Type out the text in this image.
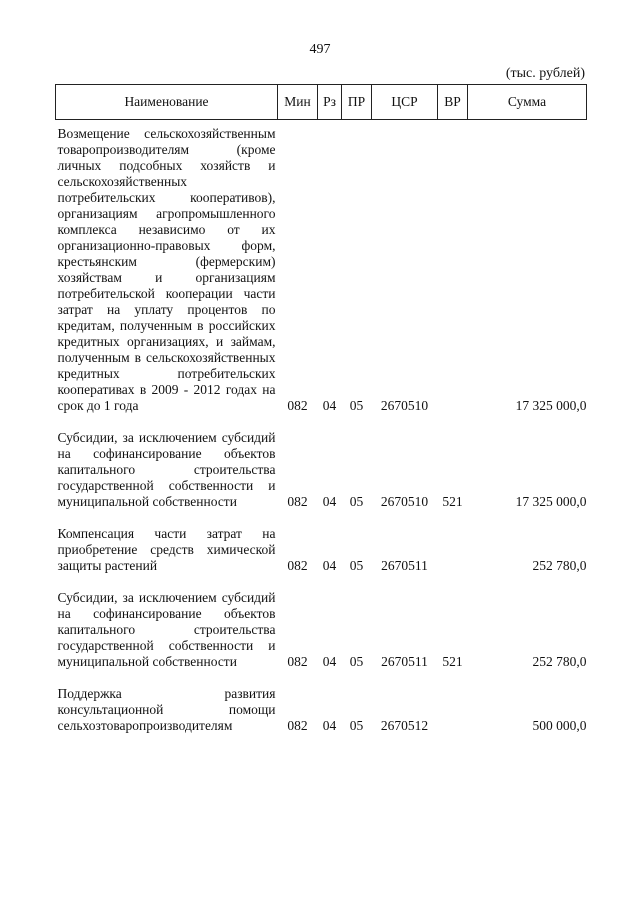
497
(тыс. рублей)
Наименование	Мин	Рз	ПР	ЦСР	ВР	Сумма
Возмещение сельскохозяйственным товаропроизводителям (кроме личных подсобных хозяйств и сельскохозяйственных потребительских кооперативов), организациям агропромышленного комплекса независимо от их организационно-правовых форм, крестьянским (фермерским) хозяйствам и организациям потребительской кооперации части затрат на уплату процентов по кредитам, полученным в российских кредитных организациях, и займам, полученным в сельскохозяйственных кредитных потребительских кооперативах в 2009 - 2012 годах на срок до 1 года	082	04	05	2670510		17 325 000,0

Субсидии, за исключением субсидий на софинансирование объектов капитального строительства государственной собственности и муниципальной собственности	082	04	05	2670510	521	17 325 000,0

Компенсация части затрат на приобретение средств химической защиты растений	082	04	05	2670511		252 780,0

Субсидии, за исключением субсидий на софинансирование объектов капитального строительства государственной собственности и муниципальной собственности	082	04	05	2670511	521	252 780,0

Поддержка развития консультационной помощи сельхозтоваропроизводителям	082	04	05	2670512		500 000,0
